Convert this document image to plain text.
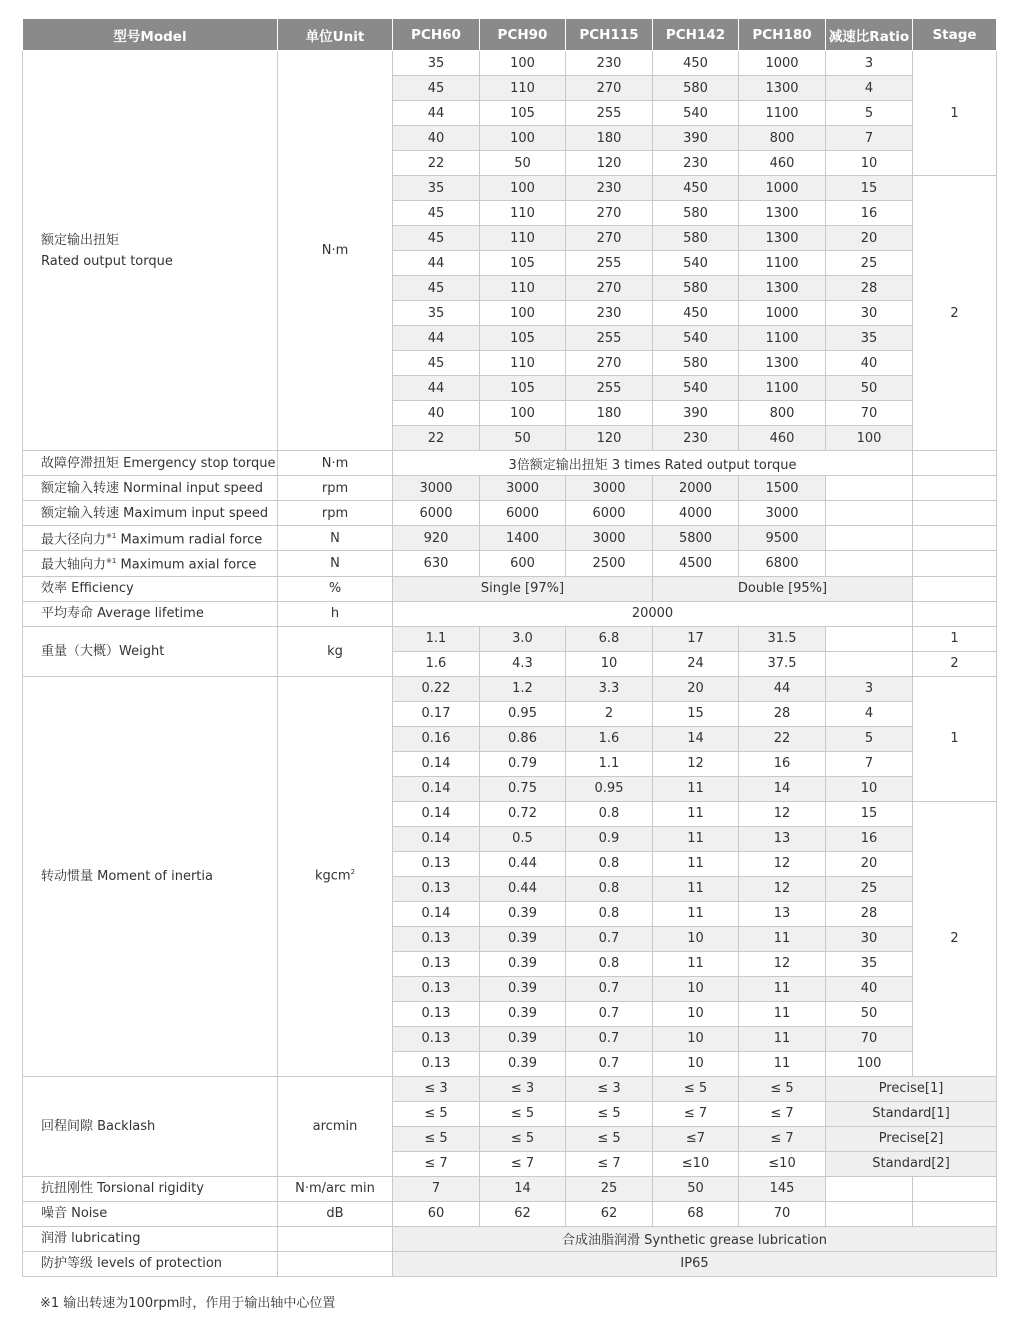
型号Model	单位Unit	PCH60	PCH90	PCH115	PCH142	PCH180	减速比Ratio	Stage

额定输出扭矩
Rated output torque	N·m	35	100	230	450	1000	3	1
		45	110	270	580	1300	4	
		44	105	255	540	1100	5	
		40	100	180	390	800	7	
		22	50	120	230	460	10	
		35	100	230	450	1000	15	2
		45	110	270	580	1300	16	
		45	110	270	580	1300	20	
		44	105	255	540	1100	25	
		45	110	270	580	1300	28	
		35	100	230	450	1000	30	
		44	105	255	540	1100	35	
		45	110	270	580	1300	40	
		44	105	255	540	1100	50	
		40	100	180	390	800	70	
		22	50	120	230	460	100	
故障停滞扭矩 Emergency stop torque	N·m	3倍额定输出扭矩 3 times Rated output torque						
额定输入转速 Norminal input speed	rpm	3000	3000	3000	2000	1500		
额定输入转速 Maximum input speed	rpm	6000	6000	6000	4000	3000		
最大径向力$^{※1}$ Maximum radial force	N	920	1400	3000	5800	9500		
最大轴向力$^{※1}$ Maximum axial force	N	630	600	2500	4500	6800		
效率 Efficiency	%	Single [97%]			Double [95%]			
平均寿命 Average lifetime	h	20000						
重量（大概）Weight	kg	1.1	3.0	6.8	17	31.5		1
		1.6	4.3	10	24	37.5		2
转动惯量 Moment of inertia	kgcm$^2$	0.22	1.2	3.3	20	44	3	1
		0.17	0.95	2	15	28	4	
		0.16	0.86	1.6	14	22	5	
		0.14	0.79	1.1	12	16	7	
		0.14	0.75	0.95	11	14	10	
		0.14	0.72	0.8	11	12	15	2
		0.14	0.5	0.9	11	13	16	
		0.13	0.44	0.8	11	12	20	
		0.13	0.44	0.8	11	12	25	
		0.14	0.39	0.8	11	13	28	
		0.13	0.39	0.7	10	11	30	
		0.13	0.39	0.8	11	12	35	
		0.13	0.39	0.7	10	11	40	
		0.13	0.39	0.7	10	11	50	
		0.13	0.39	0.7	10	11	70	
		0.13	0.39	0.7	10	11	100	
回程间隙 Backlash	arcmin	≤ 3	≤ 3	≤ 3	≤ 5	≤ 5	Precise[1]	
		≤ 5	≤ 5	≤ 5	≤ 7	≤ 7	Standard[1]	
		≤ 5	≤ 5	≤ 5	≤7	≤ 7	Precise[2]	
		≤ 7	≤ 7	≤ 7	≤10	≤10	Standard[2]	
抗扭刚性 Torsional rigidity	N·m/arc min	7	14	25	50	145		
噪音 Noise	dB	60	62	62	68	70		
润滑 lubricating		合成油脂润滑 Synthetic grease lubrication						
防护等级 levels of protection		IP65						
※1 输出转速为100rpm时，作用于输出轴中心位置
